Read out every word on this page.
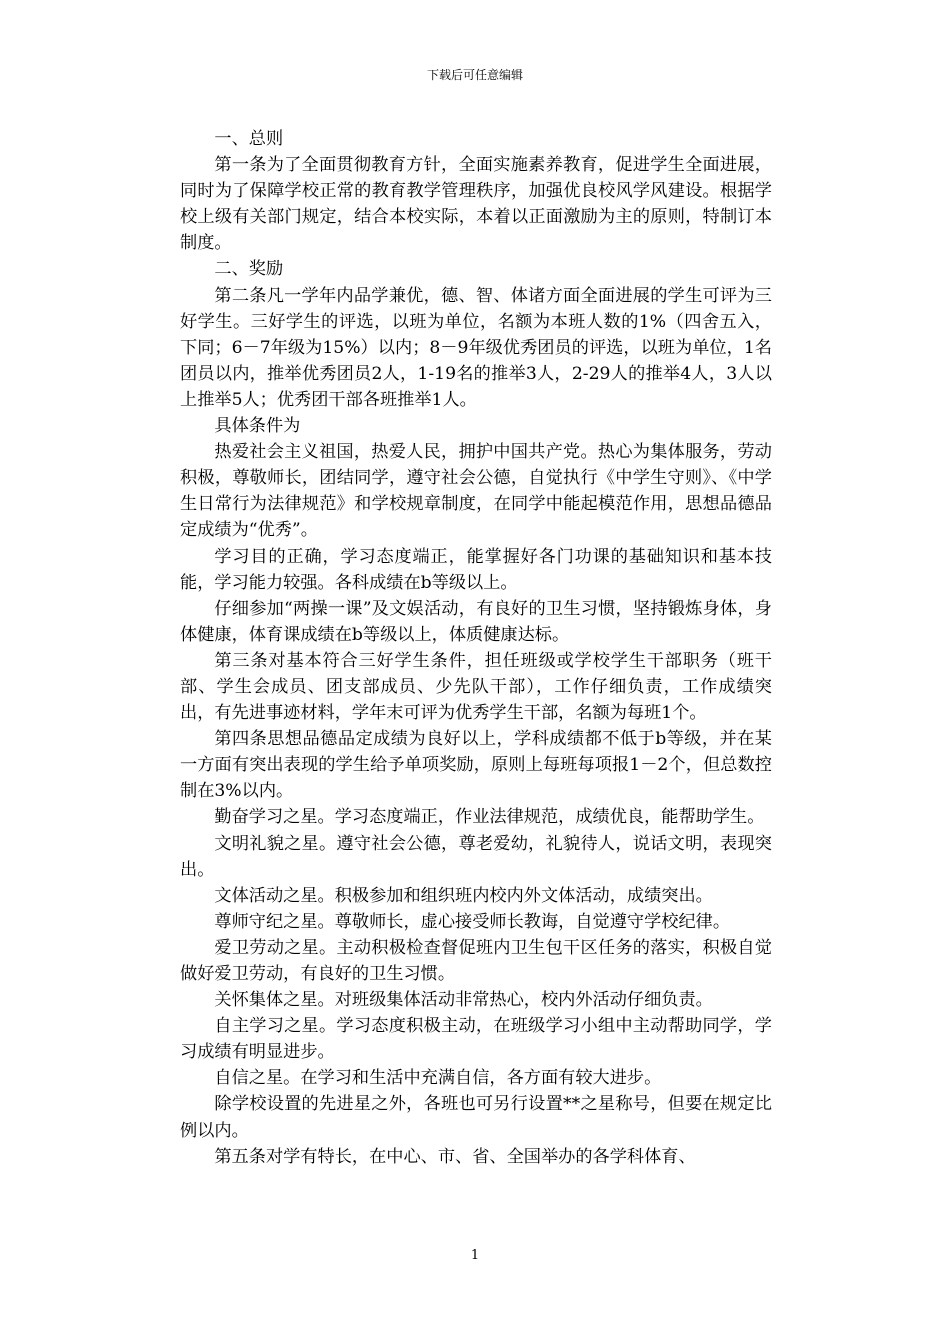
下载后可任意编辑

一、总则

第一条为了全面贯彻教育方针，全面实施素养教育，促进学生全面进展，同时为了保障学校正常的教育教学管理秩序，加强优良校风学风建设。根据学校上级有关部门规定，结合本校实际，本着以正面激励为主的原则，特制订本制度。

二、奖励

第二条凡一学年内品学兼优，德、智、体诸方面全面进展的学生可评为三好学生。三好学生的评选，以班为单位，名额为本班人数的1%（四舍五入，下同；6－7年级为15%）以内；8－9年级优秀团员的评选，以班为单位，1名团员以内，推举优秀团员2人，1-19名的推举3人，2-29人的推举4人，3人以上推举5人；优秀团干部各班推举1人。

具体条件为

热爱社会主义祖国，热爱人民，拥护中国共产党。热心为集体服务，劳动积极，尊敬师长，团结同学，遵守社会公德，自觉执行《中学生守则》、《中学生日常行为法律规范》和学校规章制度，在同学中能起模范作用，思想品德品定成绩为“优秀”。

学习目的正确，学习态度端正，能掌握好各门功课的基础知识和基本技能，学习能力较强。各科成绩在b等级以上。

仔细参加“两操一课”及文娱活动，有良好的卫生习惯，坚持锻炼身体，身体健康，体育课成绩在b等级以上，体质健康达标。

第三条对基本符合三好学生条件，担任班级或学校学生干部职务（班干部、学生会成员、团支部成员、少先队干部），工作仔细负责，工作成绩突出，有先进事迹材料，学年末可评为优秀学生干部，名额为每班1个。

第四条思想品德品定成绩为良好以上，学科成绩都不低于b等级，并在某一方面有突出表现的学生给予单项奖励，原则上每班每项报1－2个，但总数控制在3%以内。

勤奋学习之星。学习态度端正，作业法律规范，成绩优良，能帮助学生。

文明礼貌之星。遵守社会公德，尊老爱幼，礼貌待人，说话文明，表现突出。

文体活动之星。积极参加和组织班内校内外文体活动，成绩突出。

尊师守纪之星。尊敬师长，虚心接受师长教诲，自觉遵守学校纪律。

爱卫劳动之星。主动积极检查督促班内卫生包干区任务的落实，积极自觉做好爱卫劳动，有良好的卫生习惯。

关怀集体之星。对班级集体活动非常热心，校内外活动仔细负责。

自主学习之星。学习态度积极主动，在班级学习小组中主动帮助同学，学习成绩有明显进步。

自信之星。在学习和生活中充满自信，各方面有较大进步。

除学校设置的先进星之外，各班也可另行设置**之星称号，但要在规定比例以内。

第五条对学有特长，在中心、市、省、全国举办的各学科体育、

1
